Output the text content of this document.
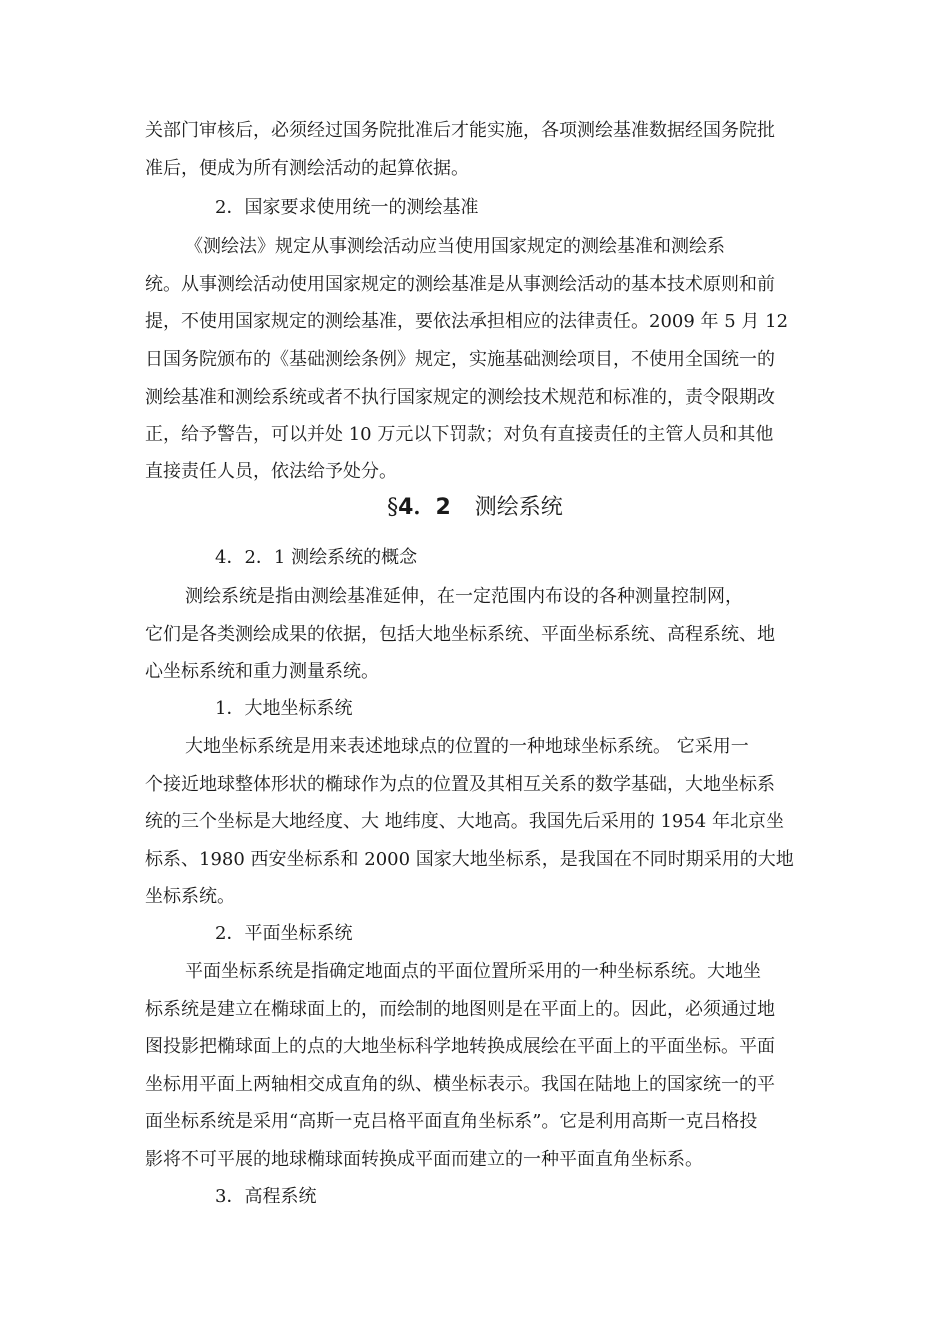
关部门审核后，必须经过国务院批准后才能实施，各项测绘基准数据经国务院批
准后，便成为所有测绘活动的起算依据。
2．国家要求使用统一的测绘基准
《测绘法》规定从事测绘活动应当使用国家规定的测绘基准和测绘系
统。从事测绘活动使用国家规定的测绘基准是从事测绘活动的基本技术原则和前
提，不使用国家规定的测绘基准，要依法承担相应的法律责任。2009 年 5 月 12
日国务院颁布的《基础测绘条例》规定，实施基础测绘项目，不使用全国统一的
测绘基准和测绘系统或者不执行国家规定的测绘技术规范和标准的，责令限期改
正，给予警告，可以并处 10 万元以下罚款；对负有直接责任的主管人员和其他
直接责任人员，依法给予处分。
§4．2 测绘系统
4．2．1 测绘系统的概念
测绘系统是指由测绘基准延伸，在一定范围内布设的各种测量控制网，
它们是各类测绘成果的依据，包括大地坐标系统、平面坐标系统、高程系统、地
心坐标系统和重力测量系统。
1．大地坐标系统
大地坐标系统是用来表述地球点的位置的一种地球坐标系统。 它采用一
个接近地球整体形状的椭球作为点的位置及其相互关系的数学基础，大地坐标系
统的三个坐标是大地经度、大 地纬度、大地高。我国先后采用的 1954 年北京坐
标系、1980 西安坐标系和 2000 国家大地坐标系，是我国在不同时期采用的大地
坐标系统。
2．平面坐标系统
平面坐标系统是指确定地面点的平面位置所采用的一种坐标系统。大地坐
标系统是建立在椭球面上的，而绘制的地图则是在平面上的。因此，必须通过地
图投影把椭球面上的点的大地坐标科学地转换成展绘在平面上的平面坐标。平面
坐标用平面上两轴相交成直角的纵、横坐标表示。我国在陆地上的国家统一的平
面坐标系统是采用“高斯一克吕格平面直角坐标系”。它是利用高斯一克吕格投
影将不可平展的地球椭球面转换成平面而建立的一种平面直角坐标系。
3．高程系统
